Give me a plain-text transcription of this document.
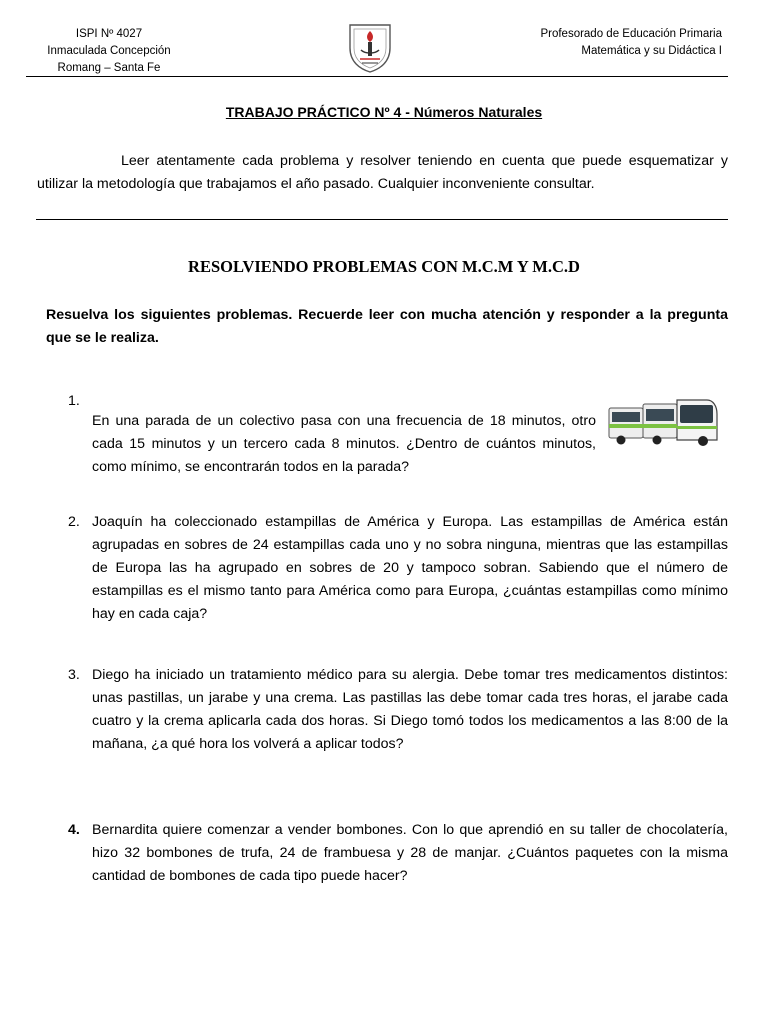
ISPI Nº 4027
Inmaculada Concepción
Romang – Santa Fe
Profesorado de Educación Primaria
Matemática y su Didáctica I
TRABAJO PRÁCTICO Nº 4 - Números Naturales
Leer atentamente cada problema y resolver teniendo en cuenta que puede esquematizar y utilizar la metodología que trabajamos el año pasado. Cualquier inconveniente consultar.
RESOLVIENDO PROBLEMAS CON M.C.M Y M.C.D
Resuelva los siguientes problemas. Recuerde leer con mucha atención y responder a la pregunta que se le realiza.
1.
En una parada de un colectivo pasa con una frecuencia de 18 minutos, otro cada 15 minutos y un tercero cada 8 minutos. ¿Dentro de cuántos minutos, como mínimo, se encontrarán todos en la parada?
2. Joaquín ha coleccionado estampillas de América y Europa. Las estampillas de América están agrupadas en sobres de 24 estampillas cada uno y no sobra ninguna, mientras que las estampillas de Europa las ha agrupado en sobres de 20 y tampoco sobran. Sabiendo que el número de estampillas es el mismo tanto para América como para Europa, ¿cuántas estampillas como mínimo hay en cada caja?
3. Diego ha iniciado un tratamiento médico para su alergia. Debe tomar tres medicamentos distintos: unas pastillas, un jarabe y una crema. Las pastillas las debe tomar cada tres horas, el jarabe cada cuatro y la crema aplicarla cada dos horas. Si Diego tomó todos los medicamentos a las 8:00 de la mañana, ¿a qué hora los volverá a aplicar todos?
4. Bernardita quiere comenzar a vender bombones. Con lo que aprendió en su taller de chocolatería, hizo 32 bombones de trufa, 24 de frambuesa y 28 de manjar. ¿Cuántos paquetes con la misma cantidad de bombones de cada tipo puede hacer?
